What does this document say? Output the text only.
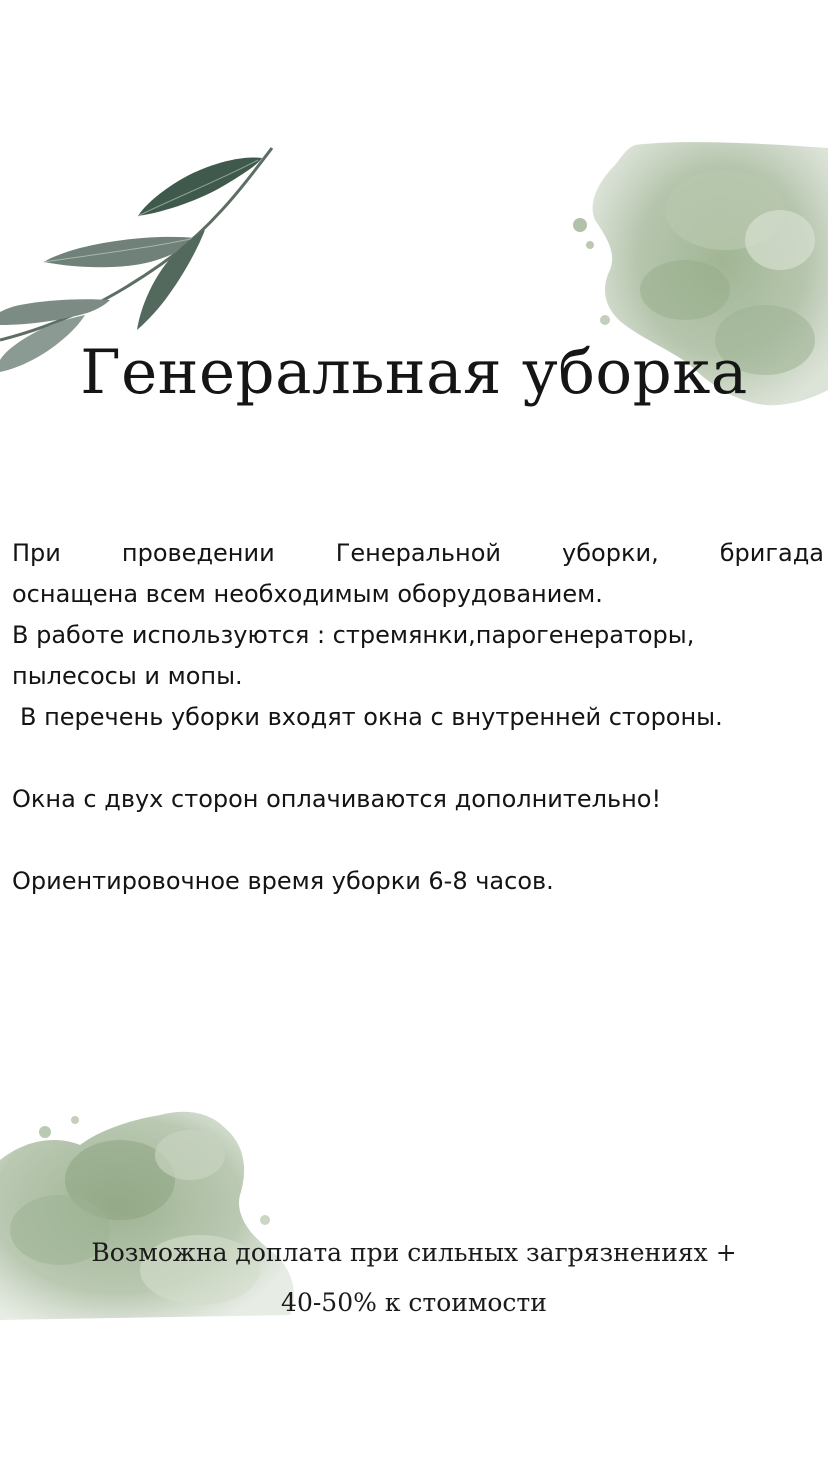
Генеральная уборка

При проведении Генеральной уборки, бригада

оснащена всем необходимым оборудованием.

В работе используются : стремянки,парогенераторы,

пылесосы и мопы.

В перечень уборки входят окна с внутренней стороны.

Окна с двух сторон оплачиваются дополнительно!

Ориентировочное время уборки 6-8 часов.

Возможна доплата при сильных загрязнениях +
40-50% к стоимости
